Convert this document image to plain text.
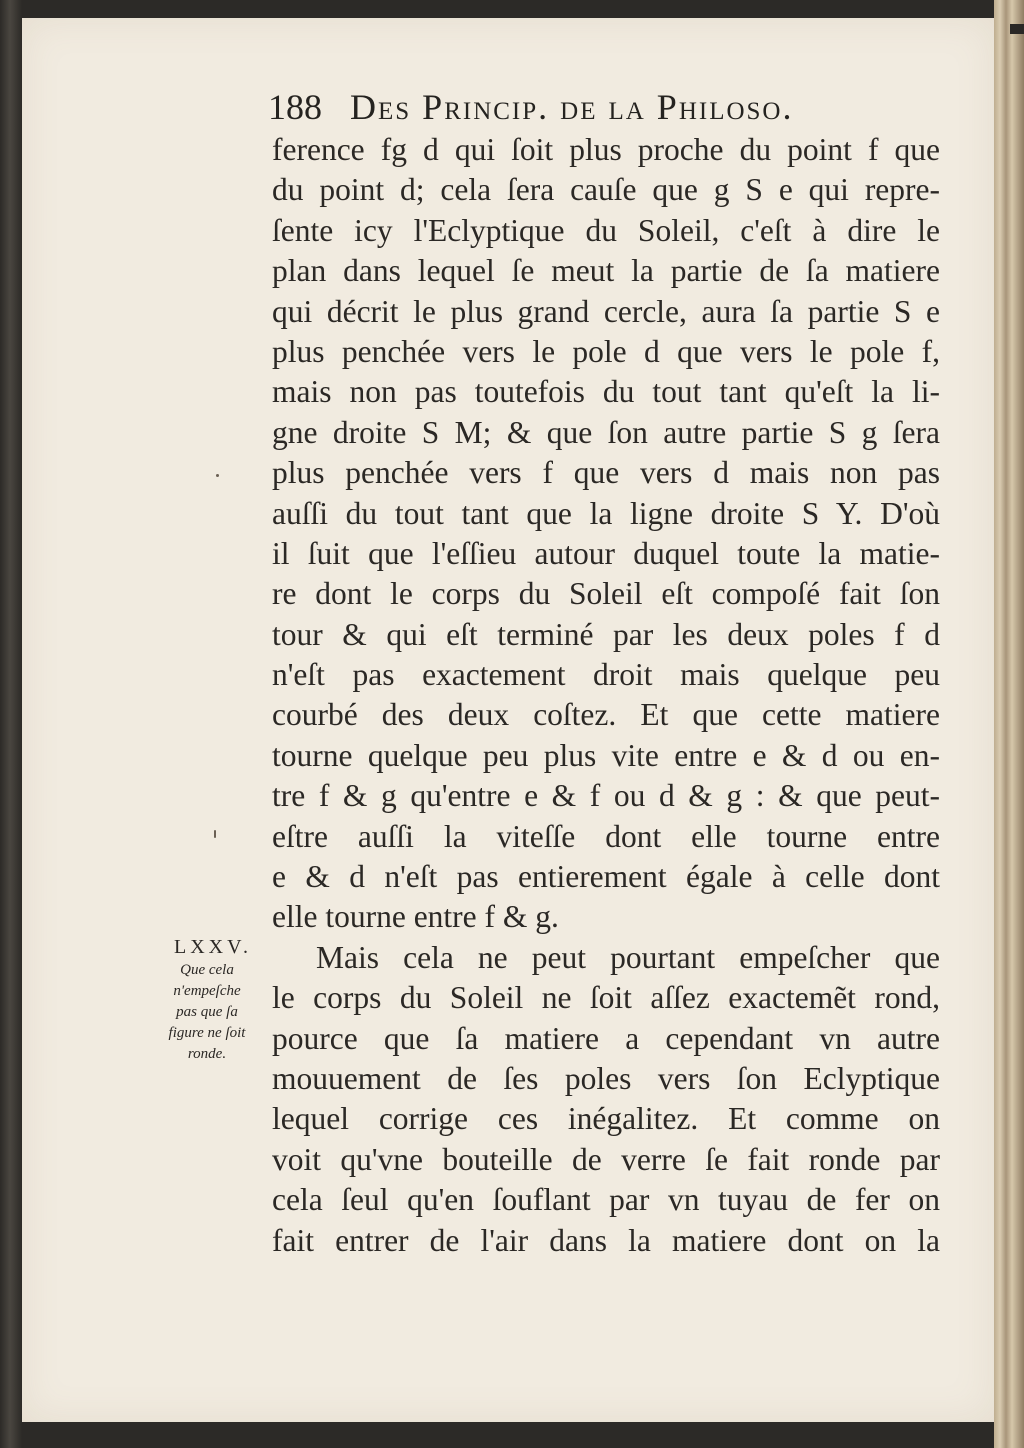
188 Des Princip. de la Philoso.
ference fg d qui ſoit plus proche du point f que
du point d; cela ſera cauſe que g S e qui repre-
ſente icy l'Eclyptique du Soleil, c'eſt à dire le
plan dans lequel ſe meut la partie de ſa matiere
qui décrit le plus grand cercle, aura ſa partie S e
plus penchée vers le pole d que vers le pole f,
mais non pas toutefois du tout tant qu'eſt la li-
gne droite S M; & que ſon autre partie S g ſera
plus penchée vers f que vers d mais non pas
auſſi du tout tant que la ligne droite S Y. D'où
il ſuit que l'eſſieu autour duquel toute la matie-
re dont le corps du Soleil eſt compoſé fait ſon
tour & qui eſt terminé par les deux poles f d
n'eſt pas exactement droit mais quelque peu
courbé des deux coſtez. Et que cette matiere
tourne quelque peu plus vite entre e & d ou en-
tre f & g qu'entre e & f ou d & g : & que peut-
eſtre auſſi la viteſſe dont elle tourne entre
e & d n'eſt pas entierement égale à celle dont
elle tourne entre f & g.
Mais cela ne peut pourtant empeſcher que
le corps du Soleil ne ſoit aſſez exactemẽt rond,
pource que ſa matiere a cependant vn autre
mouuement de ſes poles vers ſon Eclyptique
lequel corrige ces inégalitez. Et comme on
voit qu'vne bouteille de verre ſe fait ronde par
cela ſeul qu'en ſouflant par vn tuyau de fer on
fait entrer de l'air dans la matiere dont on la
LXXV.
Que cela
n'empeſche
pas que ſa
figure ne ſoit
ronde.
